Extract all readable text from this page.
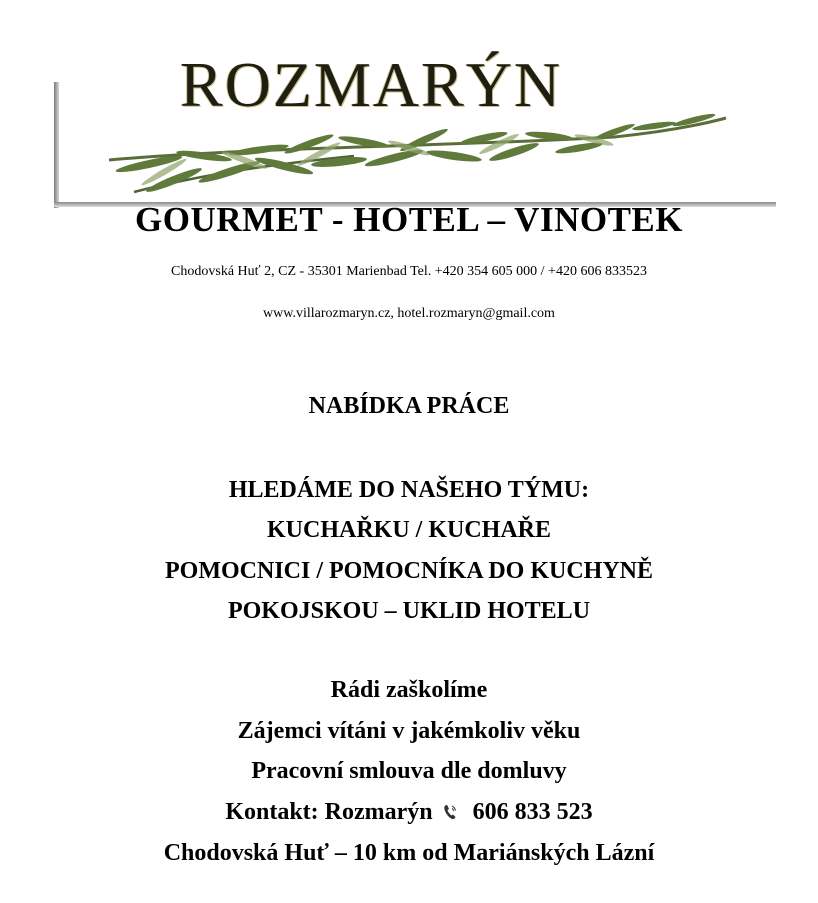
ROZMARÝN
GOURMET - HOTEL – VINOTEK
Chodovská Huť 2, CZ - 35301 Marienbad Tel. +420 354 605 000 / +420 606 833523
www.villarozmaryn.cz, hotel.rozmaryn@gmail.com
NABÍDKA PRÁCE
HLEDÁME DO NAŠEHO TÝMU:
KUCHAŘKU / KUCHAŘE
POMOCNICI / POMOCNÍKA DO KUCHYNĚ
POKOJSKOU – UKLID HOTELU
Rádi zaškolíme
Zájemci vítáni v jakémkoliv věku
Pracovní smlouva dle domluvy
Kontakt: Rozmarýn 606 833 523
Chodovská Huť – 10 km od Mariánských Lázní
